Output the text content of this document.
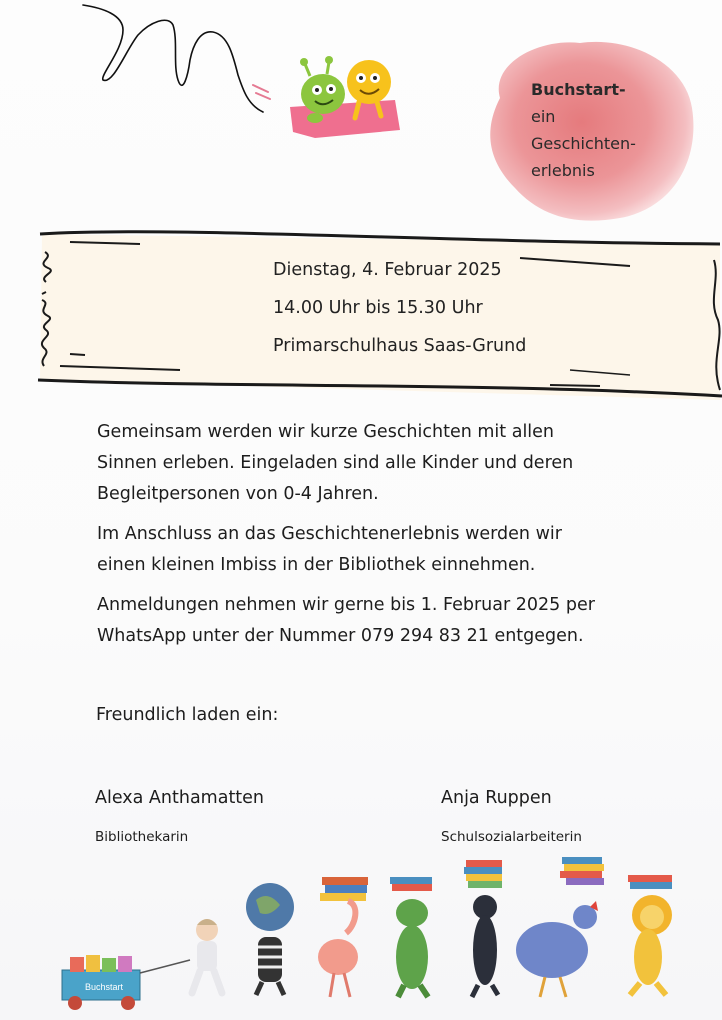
Buchstart-
ein
Geschichten-
erlebnis
Dienstag, 4. Februar 2025
14.00 Uhr bis 15.30 Uhr
Primarschulhaus Saas-Grund
Gemeinsam werden wir kurze Geschichten mit allen
Sinnen erleben. Eingeladen sind alle Kinder und deren
Begleitpersonen von 0-4 Jahren.
Im Anschluss an das Geschichtenerlebnis werden wir
einen kleinen Imbiss in der Bibliothek einnehmen.
Anmeldungen nehmen wir gerne bis 1. Februar 2025 per
WhatsApp unter der Nummer 079 294 83 21 entgegen.
Freundlich laden ein:
Alexa Anthamatten
Bibliothekarin
Anja Ruppen
Schulsozialarbeiterin
Buchstart
